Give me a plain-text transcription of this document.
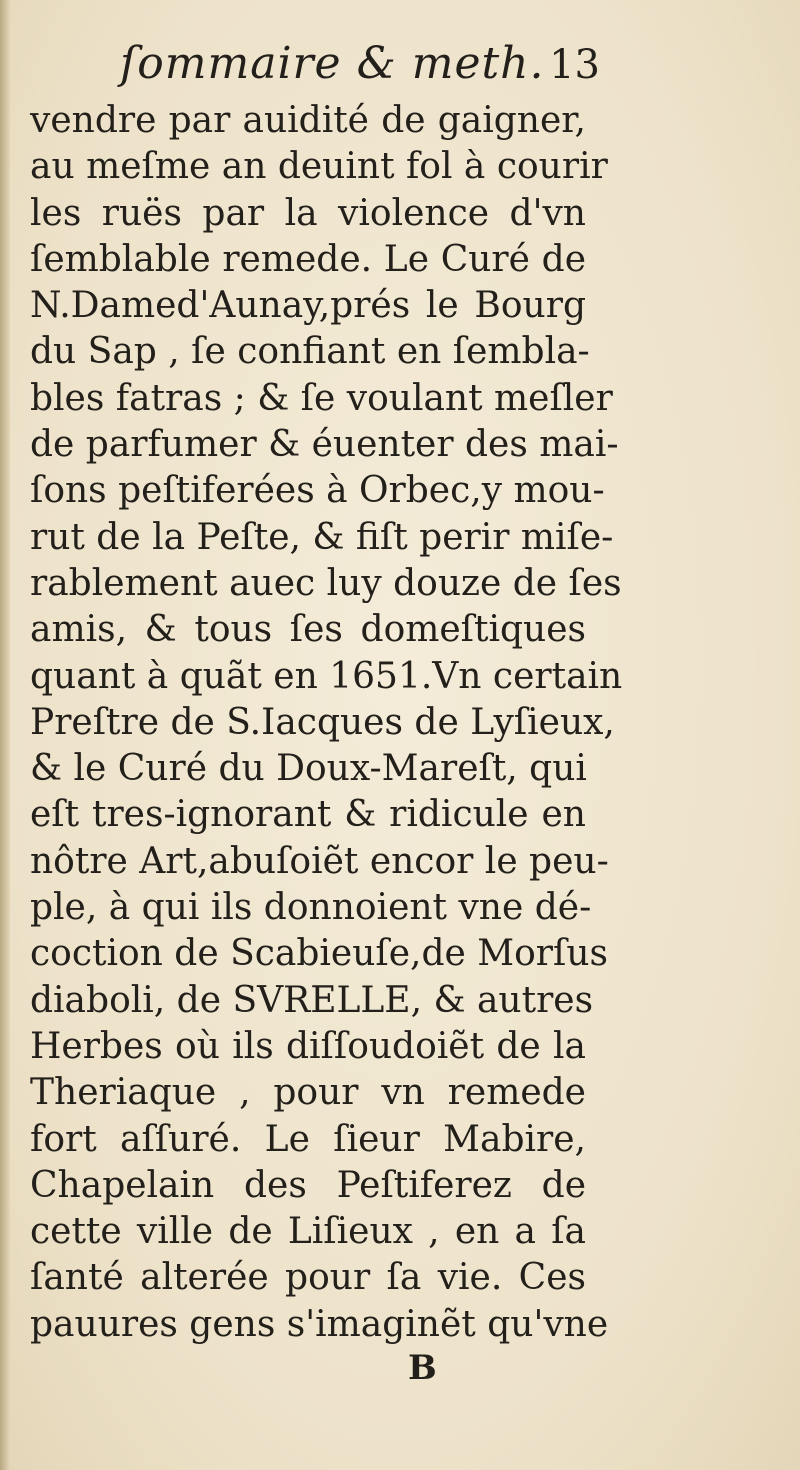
ſommaire & meth. 13
vendre par auidité de gaigner,
au meſme an deuint fol à courir
les ruës par la violence d'vn
ſemblable remede. Le Curé de
N.Damed'Aunay,prés le Bourg
du Sap , ſe confiant en ſembla-
bles fatras ; & ſe voulant meſler
de parfumer & éuenter des mai-
ſons peſtiferées à Orbec,y mou-
rut de la Peſte, & fiſt perir miſe-
rablement auec luy douze de ſes
amis, & tous ſes domeſtiques
quant à quãt en 1651.Vn certain
Preſtre de S.Iacques de Lyſieux,
& le Curé du Doux-Mareſt, qui
eſt tres-ignorant & ridicule en
nôtre Art,abuſoiẽt encor le peu-
ple, à qui ils donnoient vne dé-
coction de Scabieuſe,de Morſus
diaboli, de SVRELLE, & autres
Herbes où ils diſſoudoiẽt de la
Theriaque , pour vn remede
fort aſſuré. Le ſieur Mabire,
Chapelain des Peſtiferez de
cette ville de Liſieux , en a ſa
ſanté alterée pour ſa vie. Ces
pauures gens s'imaginẽt qu'vne
B
